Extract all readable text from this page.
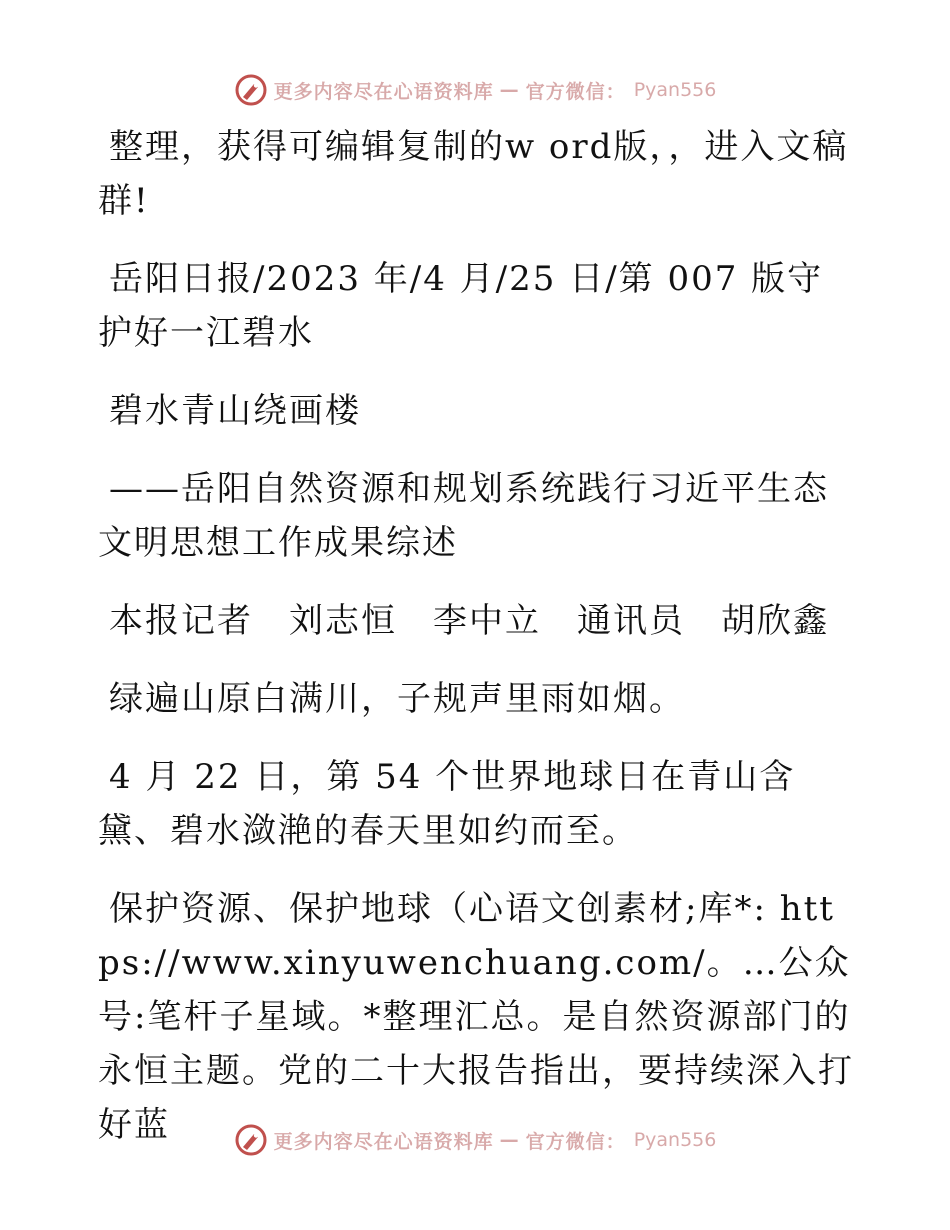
更多内容尽在心语资料库 — 官方微信： Pyan556

整理，获得可编辑复制的w ord版，，进入文稿群!

岳阳日报/2023 年/4 月/25 日/第 007 版守护好一江碧水

碧水青山绕画楼

——岳阳自然资源和规划系统践行习近平生态文明思想工作成果综述

本报记者　刘志恒　李中立　通讯员　胡欣鑫

绿遍山原白满川，子规声里雨如烟。

4 月 22 日，第 54 个世界地球日在青山含黛、碧水潋滟的春天里如约而至。

保护资源、保护地球（心语文创素材;库*: https://www.xinyuwenchuang.com/。…公众号:笔杆子星域。*整理汇总。是自然资源部门的永恒主题。党的二十大报告指出，要持续深入打好蓝	更多内容尽在心语资料库 — 官方微信： Pyan556
